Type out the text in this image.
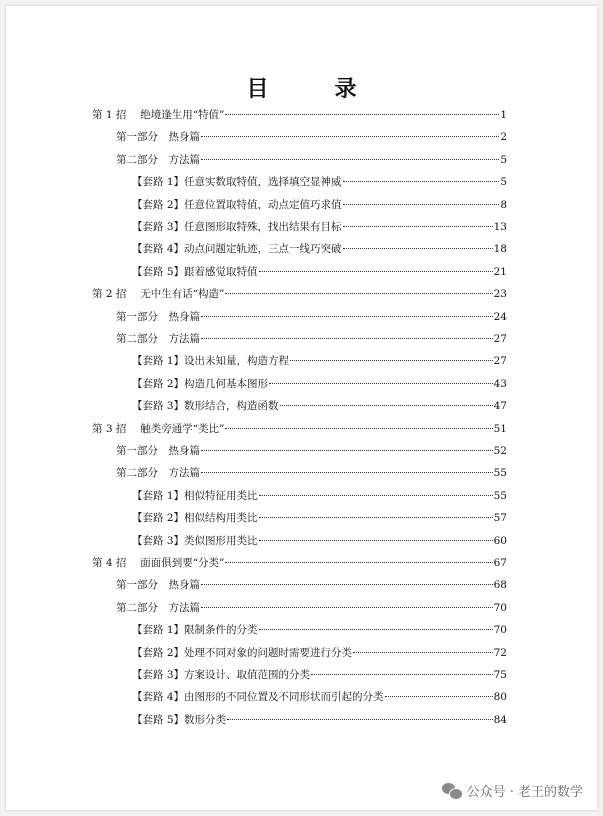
目　录
第 1 招　 绝境逢生用“特值”	1
第一部分　热身篇	2
第二部分　方法篇	5
【套路 1】任意实数取特值，选择填空显神威	5
【套路 2】任意位置取特值，动点定值巧求值	8
【套路 3】任意图形取特殊，找出结果有目标	13
【套路 4】动点问题定轨迹，三点一线巧突破	18
【套路 5】跟着感觉取特值	21
第 2 招　 无中生有话“构造”	23
第一部分　热身篇	24
第二部分　方法篇	27
【套路 1】设出未知量，构造方程	27
【套路 2】构造几何基本图形	43
【套路 3】数形结合，构造函数	47
第 3 招　 触类旁通学“类比”	51
第一部分　热身篇	52
第二部分　方法篇	55
【套路 1】相似特征用类比	55
【套路 2】相似结构用类比	57
【套路 3】类似图形用类比	60
第 4 招　 面面俱到要“分类”	67
第一部分　热身篇	68
第二部分　方法篇	70
【套路 1】限制条件的分类	70
【套路 2】处理不同对象的问题时需要进行分类	72
【套路 3】方案设计、取值范围的分类	75
【套路 4】由图形的不同位置及不同形状而引起的分类	80
【套路 5】数形分类	84
公众号 · 老王的数学
